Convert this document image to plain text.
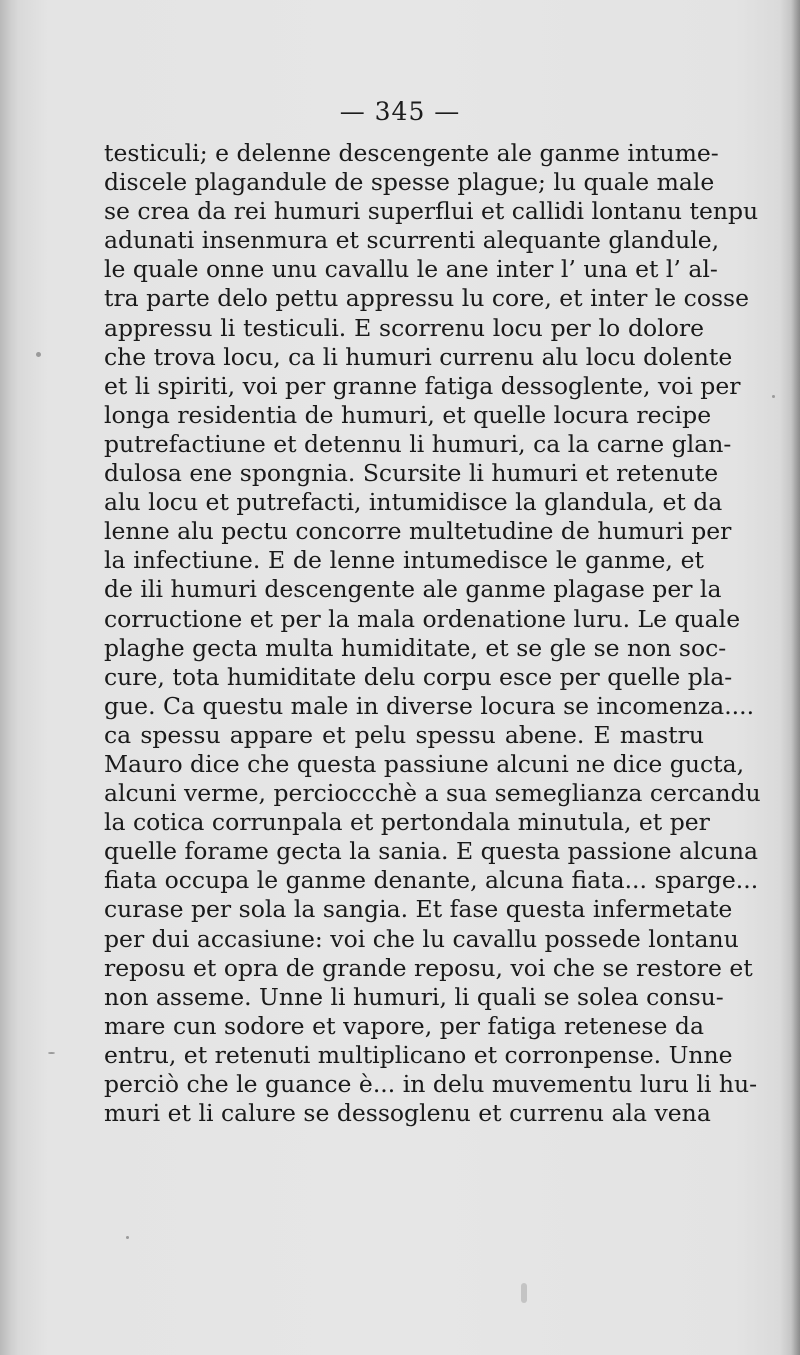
— 345 —
testiculi; e delenne descengente ale ganme intume-
discele plagandule de spesse plague; lu quale male
se crea da rei humuri superflui et callidi lontanu tenpu
adunati insenmura et scurrenti alequante glandule,
le quale onne unu cavallu le ane inter l’ una et l’ al-
tra parte delo pettu appressu lu core, et inter le cosse
appressu li testiculi. E scorrenu locu per lo dolore
che trova locu, ca li humuri currenu alu locu dolente
et li spiriti, voi per granne fatiga dessoglente, voi per
longa residentia de humuri, et quelle locura recipe
putrefactiune et detennu li humuri, ca la carne glan-
dulosa ene spongnia. Scursite li humuri et retenute
alu locu et putrefacti, intumidisce la glandula, et da
lenne alu pectu concorre multetudine de humuri per
la infectiune. E de lenne intumedisce le ganme, et
de ili humuri descengente ale ganme plagase per la
corructione et per la mala ordenatione luru. Le quale
plaghe gecta multa humiditate, et se gle se non soc-
cure, tota humiditate delu corpu esce per quelle pla-
gue. Ca questu male in diverse locura se incomenza....
ca spessu appare et pelu spessu abene. E mastru
Mauro dice che questa passiune alcuni ne dice gucta,
alcuni verme, percioccchè a sua semeglianza cercandu
la cotica corrunpala et pertondala minutula, et per
quelle forame gecta la sania. E questa passione alcuna
fiata occupa le ganme denante, alcuna fiata... sparge...
curase per sola la sangia. Et fase questa infermetate
per dui accasiune: voi che lu cavallu possede lontanu
reposu et opra de grande reposu, voi che se restore et
non asseme. Unne li humuri, li quali se solea consu-
mare cun sodore et vapore, per fatiga retenese da
entru, et retenuti multiplicano et corronpense. Unne
perciò che le guance è... in delu muvementu luru li hu-
muri et li calure se dessoglenu et currenu ala vena
